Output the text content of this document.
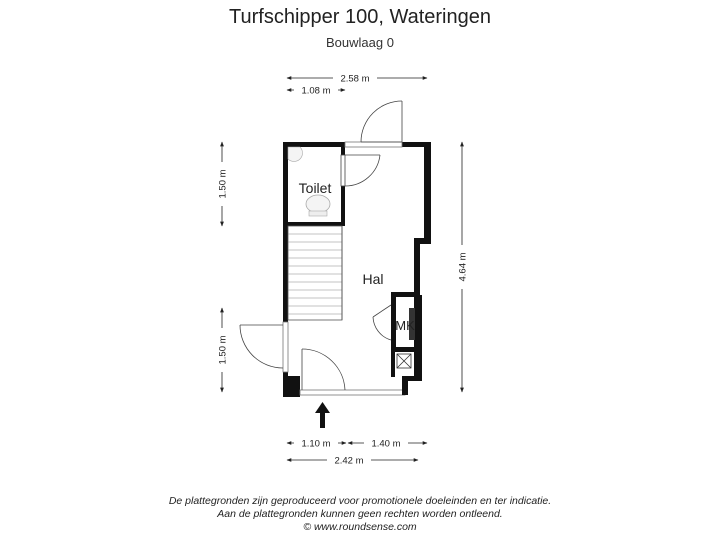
Turfschipper 100, Wateringen
Bouwlaag 0
2.58 m
1.08 m
1.50 m
1.50 m
4.64 m
1.10 m	1.40 m
2.42 m
Toilet
Hal
MK
De plattegronden zijn geproduceerd voor promotionele doeleinden en ter indicatie.
Aan de plattegronden kunnen geen rechten worden ontleend.
© www.roundsense.com
